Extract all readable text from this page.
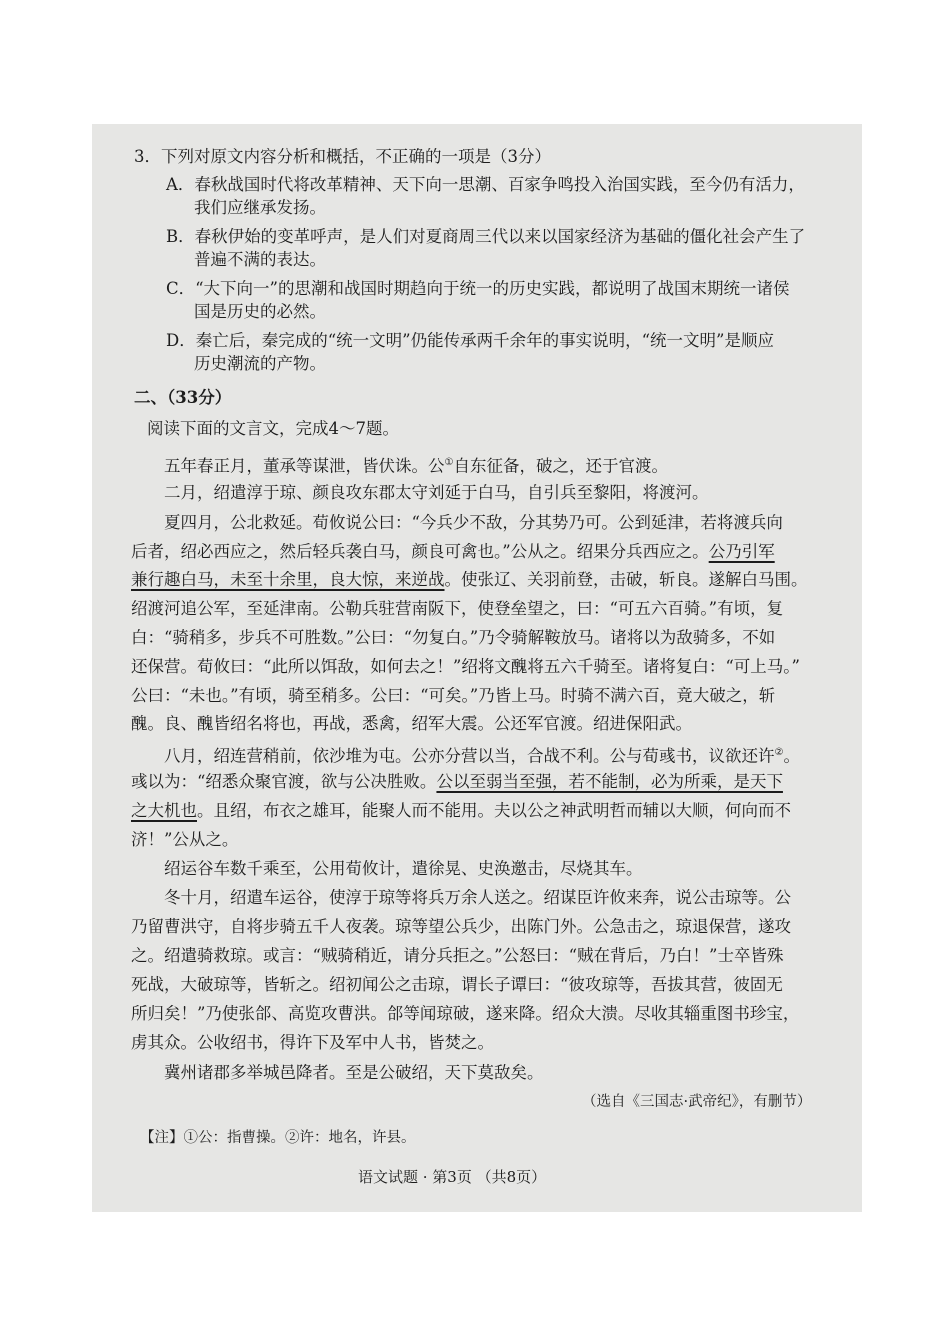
3．下列对原文内容分析和概括，不正确的一项是（3分）
A．春秋战国时代将改革精神、天下向一思潮、百家争鸣投入治国实践，至今仍有活力，
我们应继承发扬。
B．春秋伊始的变革呼声，是人们对夏商周三代以来以国家经济为基础的僵化社会产生了
普遍不满的表达。
C．“大下向一”的思潮和战国时期趋向于统一的历史实践，都说明了战国末期统一诸侯
国是历史的必然。
D．秦亡后，秦完成的“统一文明”仍能传承两千余年的事实说明，“统一文明”是顺应
历史潮流的产物。
二、（33分）
阅读下面的文言文，完成4～7题。
五年春正月，董承等谋泄，皆伏诛。公①自东征备，破之，还于官渡。
二月，绍遣淳于琼、颜良攻东郡太守刘延于白马，自引兵至黎阳，将渡河。
夏四月，公北救延。荀攸说公曰：“今兵少不敌，分其势乃可。公到延津，若将渡兵向
后者，绍必西应之，然后轻兵袭白马，颜良可禽也。”公从之。绍果分兵西应之。公乃引军
兼行趣白马，未至十余里，良大惊，来逆战。使张辽、关羽前登，击破，斩良。遂解白马围。
绍渡河追公军，至延津南。公勒兵驻营南阪下，使登垒望之，曰：“可五六百骑。”有顷，复
白：“骑稍多，步兵不可胜数。”公曰：“勿复白。”乃令骑解鞍放马。诸将以为敌骑多，不如
还保营。荀攸曰：“此所以饵敌，如何去之！”绍将文醜将五六千骑至。诸将复白：“可上马。”
公曰：“未也。”有顷，骑至稍多。公曰：“可矣。”乃皆上马。时骑不满六百，竟大破之，斩
醜。良、醜皆绍名将也，再战，悉禽，绍军大震。公还军官渡。绍进保阳武。
八月，绍连营稍前，依沙堆为屯。公亦分营以当，合战不利。公与荀彧书，议欲还许②。
彧以为：“绍悉众聚官渡，欲与公决胜败。公以至弱当至强，若不能制，必为所乘，是天下
之大机也。且绍，布衣之雄耳，能聚人而不能用。夫以公之神武明哲而辅以大顺，何向而不
济！”公从之。
绍运谷车数千乘至，公用荀攸计，遣徐晃、史涣邀击，尽烧其车。
冬十月，绍遣车运谷，使淳于琼等将兵万余人送之。绍谋臣许攸来奔，说公击琼等。公
乃留曹洪守，自将步骑五千人夜袭。琼等望公兵少，出陈门外。公急击之，琼退保营，遂攻
之。绍遣骑救琼。或言：“贼骑稍近，请分兵拒之。”公怒曰：“贼在背后，乃白！”士卒皆殊
死战，大破琼等，皆斩之。绍初闻公之击琼，谓长子谭曰：“彼攻琼等，吾拔其营，彼固无
所归矣！”乃使张郃、高览攻曹洪。郃等闻琼破，遂来降。绍众大溃。尽收其辎重图书珍宝，
虏其众。公收绍书，得许下及军中人书，皆焚之。
冀州诸郡多举城邑降者。至是公破绍，天下莫敌矣。
（选自《三国志·武帝纪》，有删节）
【注】①公：指曹操。②许：地名，许县。
语文试题 · 第3页 （共8页）
